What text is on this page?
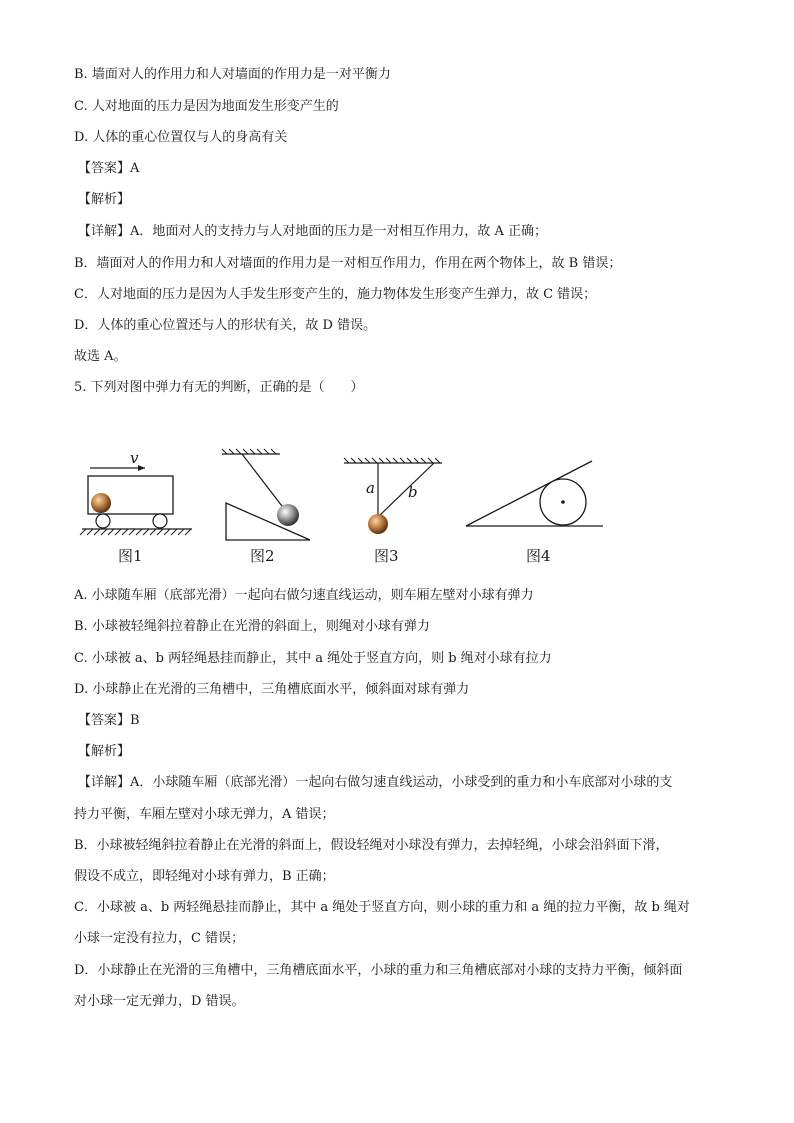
B. 墙面对人的作用力和人对墙面的作用力是一对平衡力
C. 人对地面的压力是因为地面发生形变产生的
D. 人体的重心位置仅与人的身高有关
【答案】A
【解析】
【详解】A．地面对人的支持力与人对地面的压力是一对相互作用力，故 A 正确；
B．墙面对人的作用力和人对墙面的作用力是一对相互作用力，作用在两个物体上，故 B 错误；
C．人对地面的压力是因为人手发生形变产生的，施力物体发生形变产生弹力，故 C 错误；
D．人体的重心位置还与人的形状有关，故 D 错误。
故选 A。
5. 下列对图中弹力有无的判断，正确的是（　　）
v
图1	图2
a b
图3	图4
A. 小球随车厢（底部光滑）一起向右做匀速直线运动，则车厢左壁对小球有弹力
B. 小球被轻绳斜拉着静止在光滑的斜面上，则绳对小球有弹力
C. 小球被 a、b 两轻绳悬挂而静止，其中 a 绳处于竖直方向，则 b 绳对小球有拉力
D. 小球静止在光滑的三角槽中，三角槽底面水平，倾斜面对球有弹力
【答案】B
【解析】
【详解】A．小球随车厢（底部光滑）一起向右做匀速直线运动，小球受到的重力和小车底部对小球的支
持力平衡，车厢左壁对小球无弹力，A 错误；
B．小球被轻绳斜拉着静止在光滑的斜面上，假设轻绳对小球没有弹力，去掉轻绳，小球会沿斜面下滑，
假设不成立，即轻绳对小球有弹力，B 正确；
C．小球被 a、b 两轻绳悬挂而静止，其中 a 绳处于竖直方向，则小球的重力和 a 绳的拉力平衡，故 b 绳对
小球一定没有拉力，C 错误；
D．小球静止在光滑的三角槽中，三角槽底面水平，小球的重力和三角槽底部对小球的支持力平衡，倾斜面
对小球一定无弹力，D 错误。
